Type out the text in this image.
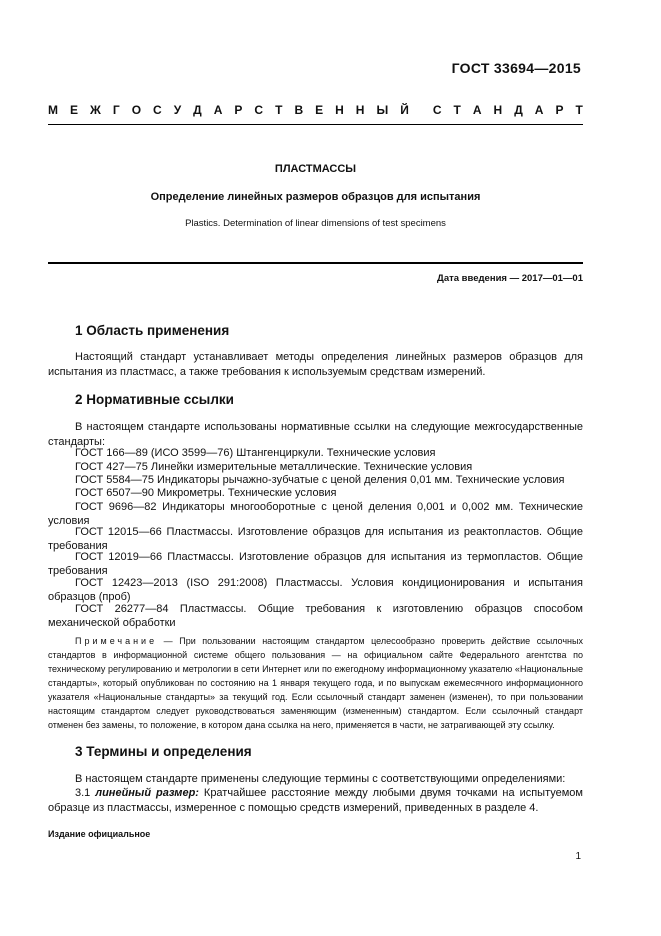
ГОСТ 33694—2015
М Е Ж Г О С У Д А Р С Т В Е Н Н Ы Й С Т А Н Д А Р Т
ПЛАСТМАССЫ
Определение линейных размеров образцов для испытания
Plastics. Determination of linear dimensions of test specimens
Дата введения — 2017—01—01
1 Область применения
Настоящий стандарт устанавливает методы определения линейных размеров образцов для испытания из пластмасс, а также требования к используемым средствам измерений.
2 Нормативные ссылки
В настоящем стандарте использованы нормативные ссылки на следующие межгосударственные стандарты:
ГОСТ 166—89 (ИСО 3599—76) Штангенциркули. Технические условия
ГОСТ 427—75 Линейки измерительные металлические. Технические условия
ГОСТ 5584—75 Индикаторы рычажно-зубчатые с ценой деления 0,01 мм. Технические условия
ГОСТ 6507—90 Микрометры. Технические условия
ГОСТ 9696—82 Индикаторы многооборотные с ценой деления 0,001 и 0,002 мм. Технические условия
ГОСТ 12015—66 Пластмассы. Изготовление образцов для испытания из реактопластов. Общие требования
ГОСТ 12019—66 Пластмассы. Изготовление образцов для испытания из термопластов. Общие требования
ГОСТ 12423—2013 (ISO 291:2008) Пластмассы. Условия кондиционирования и испытания образцов (проб)
ГОСТ 26277—84 Пластмассы. Общие требования к изготовлению образцов способом механической обработки
Примечание — При пользовании настоящим стандартом целесообразно проверить действие ссылочных стандартов в информационной системе общего пользования — на официальном сайте Федерального агентства по техническому регулированию и метрологии в сети Интернет или по ежегодному информационному указателю «Национальные стандарты», который опубликован по состоянию на 1 января текущего года, и по выпускам ежемесячного информационного указателя «Национальные стандарты» за текущий год. Если ссылочный стандарт заменен (изменен), то при пользовании настоящим стандартом следует руководствоваться заменяющим (измененным) стандартом. Если ссылочный стандарт отменен без замены, то положение, в котором дана ссылка на него, применяется в части, не затрагивающей эту ссылку.
3 Термины и определения
В настоящем стандарте применены следующие термины с соответствующими определениями:
3.1 линейный размер: Кратчайшее расстояние между любыми двумя точками на испытуемом образце из пластмассы, измеренное с помощью средств измерений, приведенных в разделе 4.
Издание официальное
1
